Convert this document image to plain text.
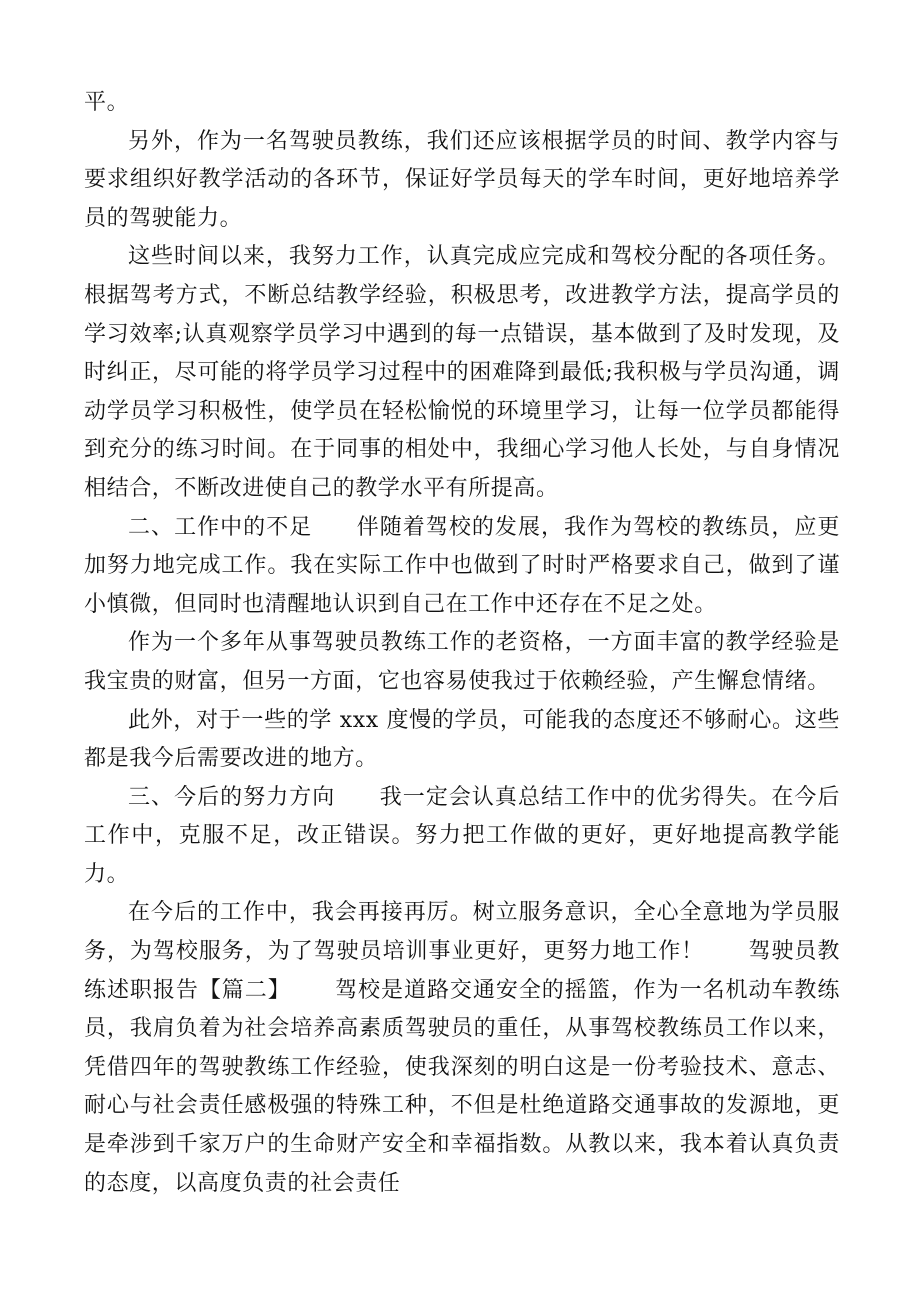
平。

另外，作为一名驾驶员教练，我们还应该根据学员的时间、教学内容与要求组织好教学活动的各环节，保证好学员每天的学车时间，更好地培养学员的驾驶能力。

这些时间以来，我努力工作，认真完成应完成和驾校分配的各项任务。根据驾考方式，不断总结教学经验，积极思考，改进教学方法，提高学员的学习效率;认真观察学员学习中遇到的每一点错误，基本做到了及时发现，及时纠正，尽可能的将学员学习过程中的困难降到最低;我积极与学员沟通，调动学员学习积极性，使学员在轻松愉悦的环境里学习，让每一位学员都能得到充分的练习时间。在于同事的相处中，我细心学习他人长处，与自身情况相结合，不断改进使自己的教学水平有所提高。

二、工作中的不足 伴随着驾校的发展，我作为驾校的教练员，应更加努力地完成工作。我在实际工作中也做到了时时严格要求自己，做到了谨小慎微，但同时也清醒地认识到自己在工作中还存在不足之处。

作为一个多年从事驾驶员教练工作的老资格，一方面丰富的教学经验是我宝贵的财富，但另一方面，它也容易使我过于依赖经验，产生懈怠情绪。

此外，对于一些的学 xxx 度慢的学员，可能我的态度还不够耐心。这些都是我今后需要改进的地方。

三、今后的努力方向 我一定会认真总结工作中的优劣得失。在今后工作中，克服不足，改正错误。努力把工作做的更好，更好地提高教学能力。

在今后的工作中，我会再接再厉。树立服务意识，全心全意地为学员服务，为驾校服务，为了驾驶员培训事业更好，更努力地工作！ 驾驶员教练述职报告【篇二】 驾校是道路交通安全的摇篮，作为一名机动车教练员，我肩负着为社会培养高素质驾驶员的重任，从事驾校教练员工作以来，凭借四年的驾驶教练工作经验，使我深刻的明白这是一份考验技术、意志、耐心与社会责任感极强的特殊工种，不但是杜绝道路交通事故的发源地，更是牵涉到千家万户的生命财产安全和幸福指数。从教以来，我本着认真负责的态度，以高度负责的社会责任
